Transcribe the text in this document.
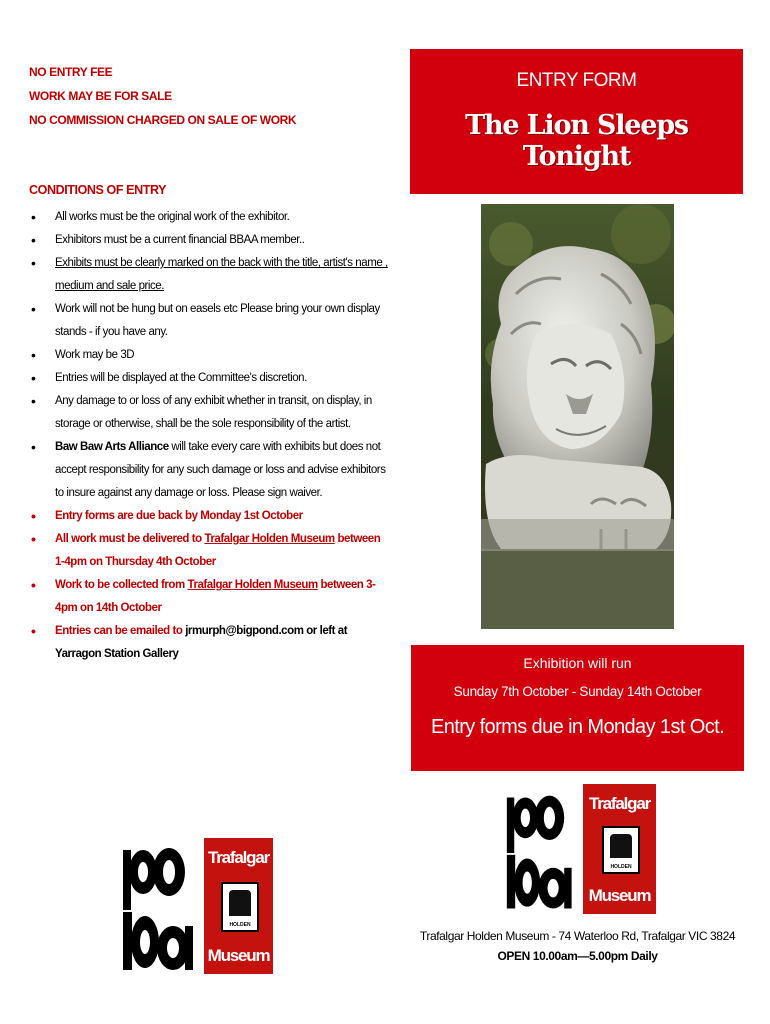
NO ENTRY FEE
WORK MAY BE FOR SALE
NO COMMISSION CHARGED ON SALE OF WORK
CONDITIONS OF ENTRY
• All works must be the original work of the exhibitor.
• Exhibitors must be a current financial BBAA member..
• Exhibits must be clearly marked on the back with the title, artist's name , medium and sale price.
• Work will not be hung but on easels etc Please bring your own display stands - if you have any.
• Work may be 3D
• Entries will be displayed at the Committee's discretion.
• Any damage to or loss of any exhibit whether in transit, on display, in storage or otherwise, shall be the sole responsibility of the artist.
• Baw Baw Arts Alliance will take every care with exhibits but does not accept responsibility for any such damage or loss and advise exhibitors to insure against any damage or loss. Please sign waiver.
• Entry forms are due back by Monday 1st October
• All work must be delivered to Trafalgar Holden Museum between 1-4pm on Thursday 4th October
• Work to be collected from Trafalgar Holden Museum between 3-4pm on 14th October
• Entries can be emailed to jrmurph@bigpond.com or left at Yarragon Station Gallery
ENTRY FORM
The Lion Sleeps Tonight
Exhibition will run
Sunday 7th October - Sunday 14th October
Entry forms due in Monday 1st Oct.
Trafalgar
HOLDEN
Museum
Trafalgar
HOLDEN
Museum
Trafalgar Holden Museum - 74 Waterloo Rd, Trafalgar VIC 3824
OPEN 10.00am—5.00pm Daily
